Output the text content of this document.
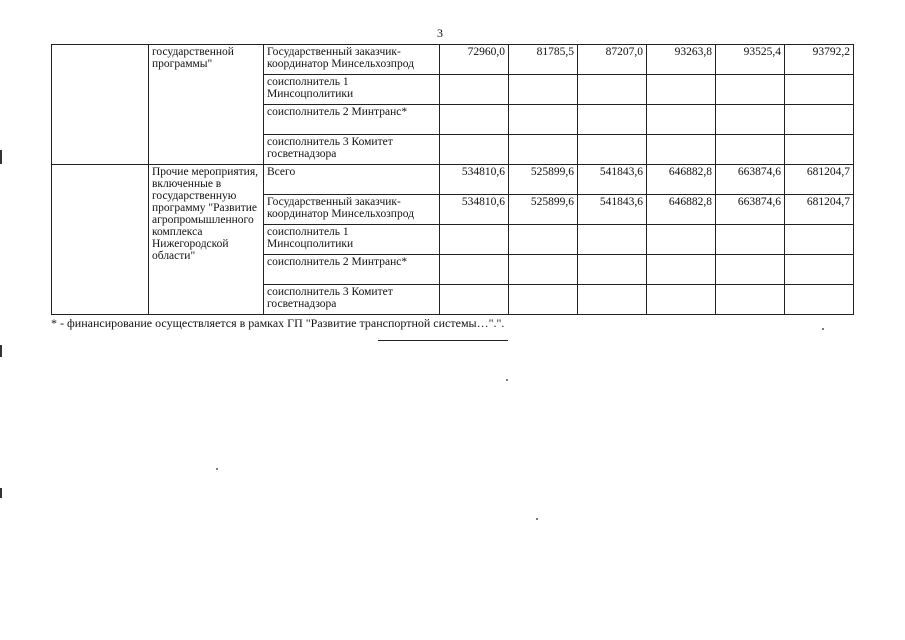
3
	государственной программы"	Государственный заказчик-координатор Минсельхозпрод	72960,0	81785,5	87207,0	93263,8	93525,4	93792,2
		соисполнитель 1 Минсоцполитики						
		соисполнитель 2 Минтранс*						
		соисполнитель 3 Комитет госветнадзора						
	Прочие мероприятия, включенные в государственную программу "Развитие агропромышленного комплекса Нижегородской области"	Всего	534810,6	525899,6	541843,6	646882,8	663874,6	681204,7
		Государственный заказчик-координатор Минсельхозпрод	534810,6	525899,6	541843,6	646882,8	663874,6	681204,7
		соисполнитель 1 Минсоцполитики						
		соисполнитель 2 Минтранс*						
		соисполнитель 3 Комитет госветнадзора						
* - финансирование осуществляется в рамках ГП "Развитие транспортной системы…".".
